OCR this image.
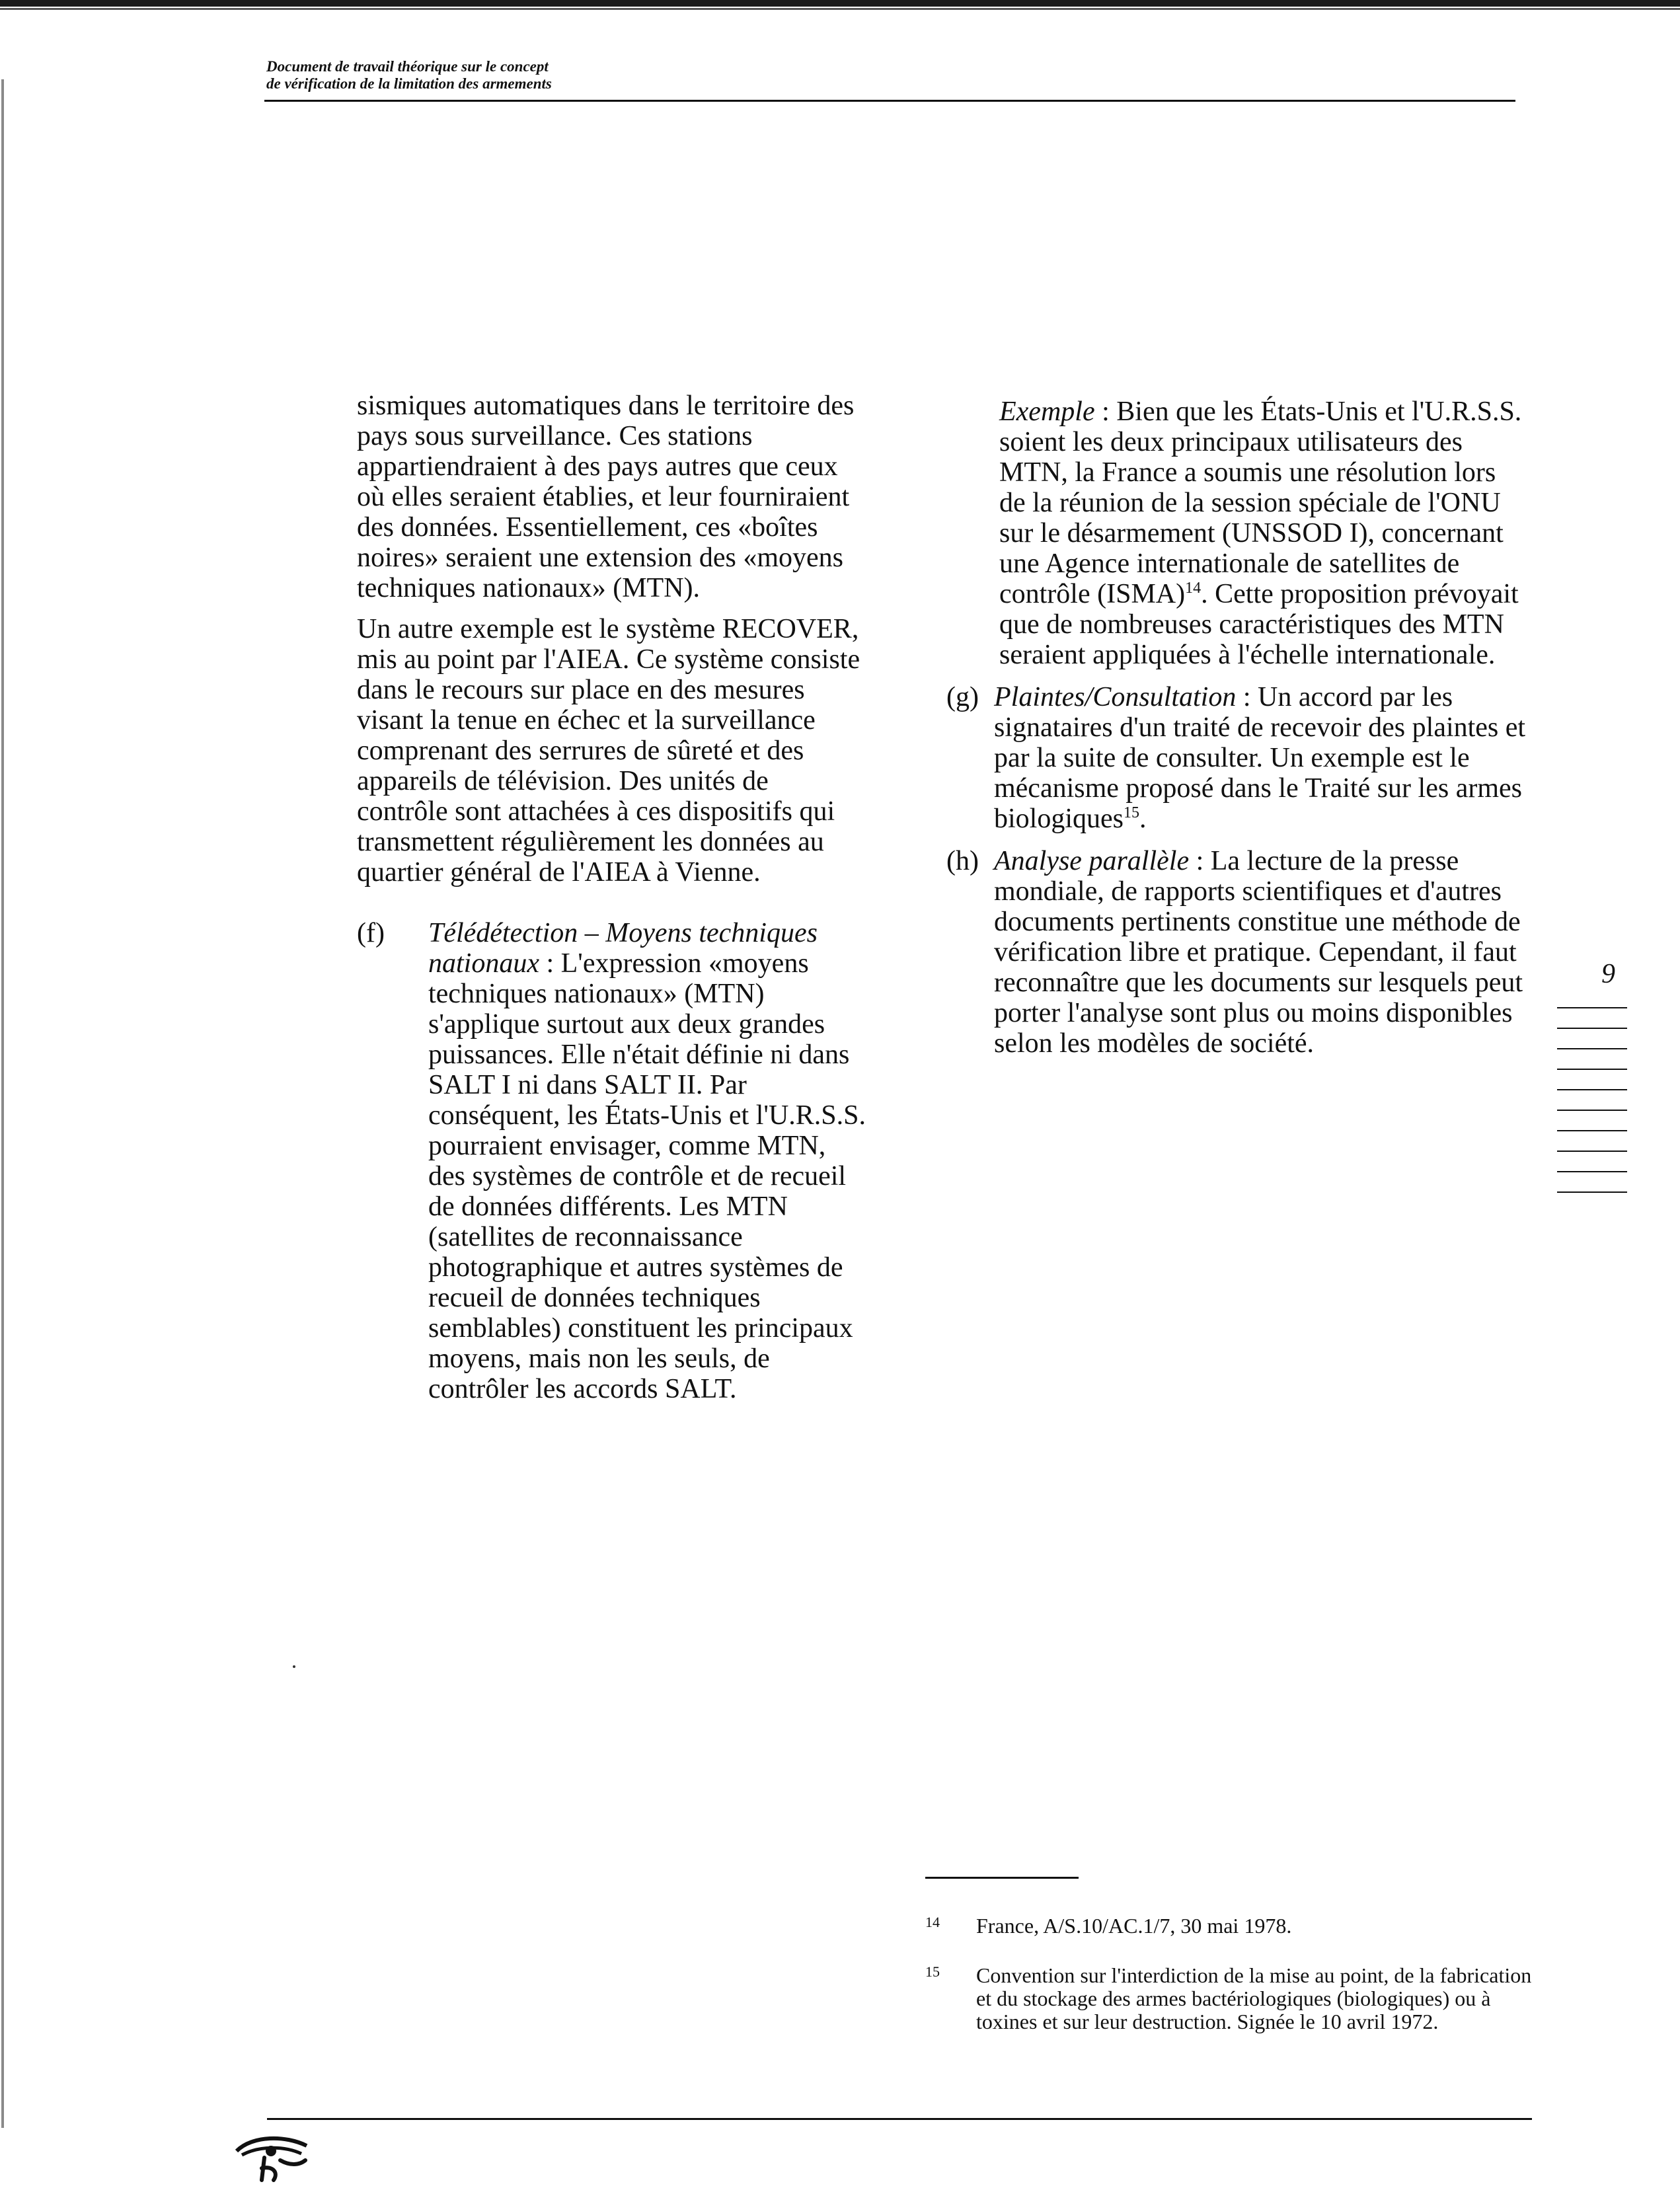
Document de travail théorique sur le concept
de vérification de la limitation des armements

sismiques automatiques dans le territoire des pays sous surveillance. Ces stations appartiendraient à des pays autres que ceux où elles seraient établies, et leur fourniraient des données. Essentiellement, ces «boîtes noires» seraient une extension des «moyens techniques nationaux» (MTN).

Un autre exemple est le système RECOVER, mis au point par l'AIEA. Ce système consiste dans le recours sur place en des mesures visant la tenue en échec et la surveillance comprenant des serrures de sûreté et des appareils de télévision. Des unités de contrôle sont attachées à ces dispositifs qui transmettent régulièrement les données au quartier général de l'AIEA à Vienne.

(f) Télédétection – Moyens techniques nationaux : L'expression «moyens techniques nationaux» (MTN) s'applique surtout aux deux grandes puissances. Elle n'était définie ni dans SALT I ni dans SALT II. Par conséquent, les États-Unis et l'U.R.S.S. pourraient envisager, comme MTN, des systèmes de contrôle et de recueil de données différents. Les MTN (satellites de reconnaissance photographique et autres systèmes de recueil de données techniques semblables) constituent les principaux moyens, mais non les seuls, de contrôler les accords SALT.

Exemple : Bien que les États-Unis et l'U.R.S.S. soient les deux principaux utilisateurs des MTN, la France a soumis une résolution lors de la réunion de la session spéciale de l'ONU sur le désarmement (UNSSOD I), concernant une Agence internationale de satellites de contrôle (ISMA)$^{14}$. Cette proposition prévoyait que de nombreuses caractéristiques des MTN seraient appliquées à l'échelle internationale.

(g) Plaintes/Consultation : Un accord par les signataires d'un traité de recevoir des plaintes et par la suite de consulter. Un exemple est le mécanisme proposé dans le Traité sur les armes biologiques$^{15}$.

(h) Analyse parallèle : La lecture de la presse mondiale, de rapports scientifiques et d'autres documents pertinents constitue une méthode de vérification libre et pratique. Cependant, il faut reconnaître que les documents sur lesquels peut porter l'analyse sont plus ou moins disponibles selon les modèles de société.

9
14 France, A/S.10/AC.1/7, 30 mai 1978.
15 Convention sur l'interdiction de la mise au point, de la fabrication et du stockage des armes bactériologiques (biologiques) ou à toxines et sur leur destruction. Signée le 10 avril 1972.
